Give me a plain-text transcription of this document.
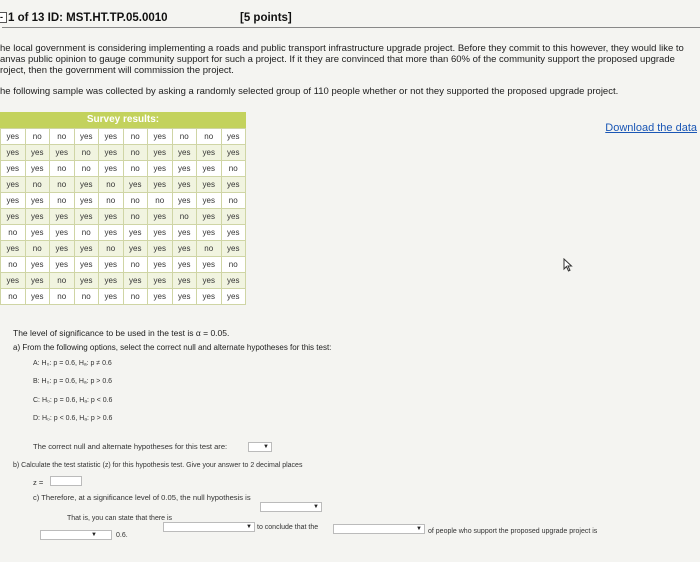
- 1 of 13 ID: MST.HT.TP.05.0010	[5 points]
he local government is considering implementing a roads and public transport infrastructure upgrade project. Before they commit to this however, they would like to
anvas public opinion to gauge community support for such a project. If it they are convinced that more than 60% of the community support the proposed upgrade
roject, then the government will commission the project.
he following sample was collected by asking a randomly selected group of 110 people whether or not they supported the proposed upgrade project.
Download the data
Survey results:
yes	no	no	yes	yes	no	yes	no	no	yes
yes	yes	yes	no	yes	no	yes	yes	yes	yes
yes	yes	no	no	yes	no	yes	yes	yes	no
yes	no	no	yes	no	yes	yes	yes	yes	yes
yes	yes	no	yes	no	no	no	yes	yes	no
yes	yes	yes	yes	yes	no	yes	no	yes	yes
no	yes	yes	no	yes	yes	yes	yes	yes	yes
yes	no	yes	yes	no	yes	yes	yes	no	yes
no	yes	yes	yes	yes	no	yes	yes	yes	no
yes	yes	no	yes	yes	yes	yes	yes	yes	yes
no	yes	no	no	yes	no	yes	yes	yes	yes
The level of significance to be used in the test is α = 0.05.
a) From the following options, select the correct null and alternate hypotheses for this test:
A: H₀: p = 0.6, Hₐ: p ≠ 0.6
B: H₀: p = 0.6, Hₐ: p > 0.6
C: H₀: p = 0.6, Hₐ: p < 0.6
D: H₀: p < 0.6, Hₐ: p > 0.6
The correct null and alternate hypotheses for this test are:	▼
b) Calculate the test statistic (z) for this hypothesis test. Give your answer to 2 decimal places
z =
c) Therefore, at a significance level of 0.05, the null hypothesis is
▼
That is, you can state that there is
▼ to conclude that the	▼ of people who support the proposed upgrade project is
▼	0.6.
